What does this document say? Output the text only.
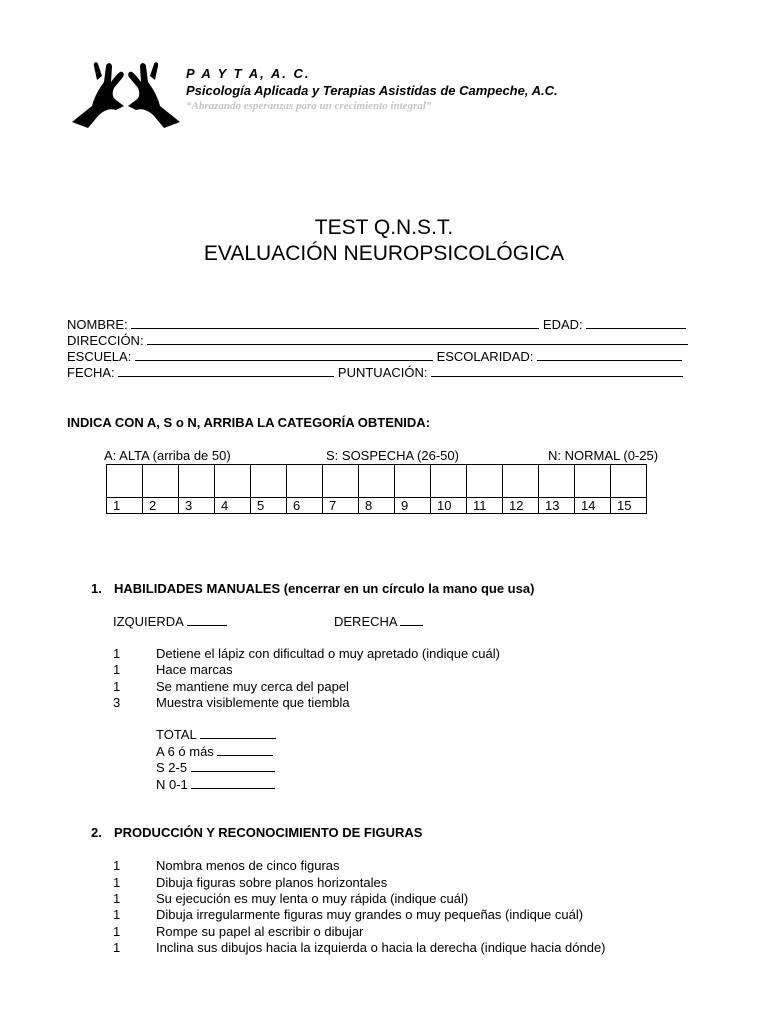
P A Y T A, A. C.
Psicología Aplicada y Terapias Asistidas de Campeche, A.C.
“Abrazando esperanzas para un crecimiento integral”
TEST Q.N.S.T.
EVALUACIÓN NEUROPSICOLÓGICA
NOMBRE:	EDAD:
DIRECCIÓN:
ESCUELA:	ESCOLARIDAD:
FECHA:	PUNTUACIÓN:
INDICA CON A, S o N, ARRIBA LA CATEGORÍA OBTENIDA:
A: ALTA (arriba de 50)	S: SOSPECHA (26-50)	N: NORMAL (0-25)

1	2	3	4	5	6	7	8	9	10	11	12	13	14	15
1. HABILIDADES MANUALES (encerrar en un círculo la mano que usa)
IZQUIERDA	DERECHA
1	Detiene el lápiz con dificultad o muy apretado (indique cuál)
1	Hace marcas
1	Se mantiene muy cerca del papel
3	Muestra visiblemente que tiembla
TOTAL
A 6 ó más
S 2-5
N 0-1
2. PRODUCCIÓN Y RECONOCIMIENTO DE FIGURAS
1	Nombra menos de cinco figuras
1	Dibuja figuras sobre planos horizontales
1	Su ejecución es muy lenta o muy rápida (indique cuál)
1	Dibuja irregularmente figuras muy grandes o muy pequeñas (indique cuál)
1	Rompe su papel al escribir o dibujar
1	Inclina sus dibujos hacia la izquierda o hacia la derecha (indique hacia dónde)
